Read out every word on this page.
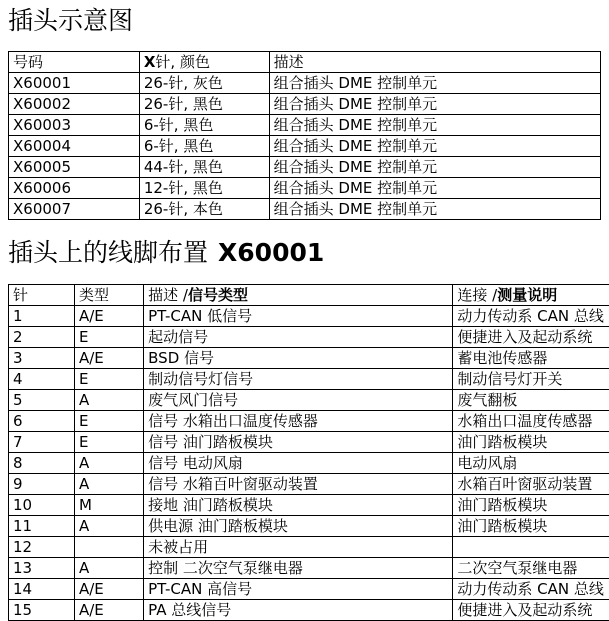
插头示意图
号码	X针, 颜色	描述
X60001	26-针, 灰色	组合插头 DME 控制单元
X60002	26-针, 黑色	组合插头 DME 控制单元
X60003	6-针, 黑色	组合插头 DME 控制单元
X60004	6-针, 黑色	组合插头 DME 控制单元
X60005	44-针, 黑色	组合插头 DME 控制单元
X60006	12-针, 黑色	组合插头 DME 控制单元
X60007	26-针, 本色	组合插头 DME 控制单元
插头上的线脚布置 X60001
针	类型	描述 /信号类型	连接 /测量说明
1	A/E	PT-CAN 低信号	动力传动系 CAN 总线
2	E	起动信号	便捷进入及起动系统
3	A/E	BSD 信号	蓄电池传感器
4	E	制动信号灯信号	制动信号灯开关
5	A	废气风门信号	废气翻板
6	E	信号 水箱出口温度传感器	水箱出口温度传感器
7	E	信号 油门踏板模块	油门踏板模块
8	A	信号 电动风扇	电动风扇
9	A	信号 水箱百叶窗驱动装置	水箱百叶窗驱动装置
10	M	接地 油门踏板模块	油门踏板模块
11	A	供电源 油门踏板模块	油门踏板模块
12		未被占用	
13	A	控制 二次空气泵继电器	二次空气泵继电器
14	A/E	PT-CAN 高信号	动力传动系 CAN 总线
15	A/E	PA 总线信号	便捷进入及起动系统
